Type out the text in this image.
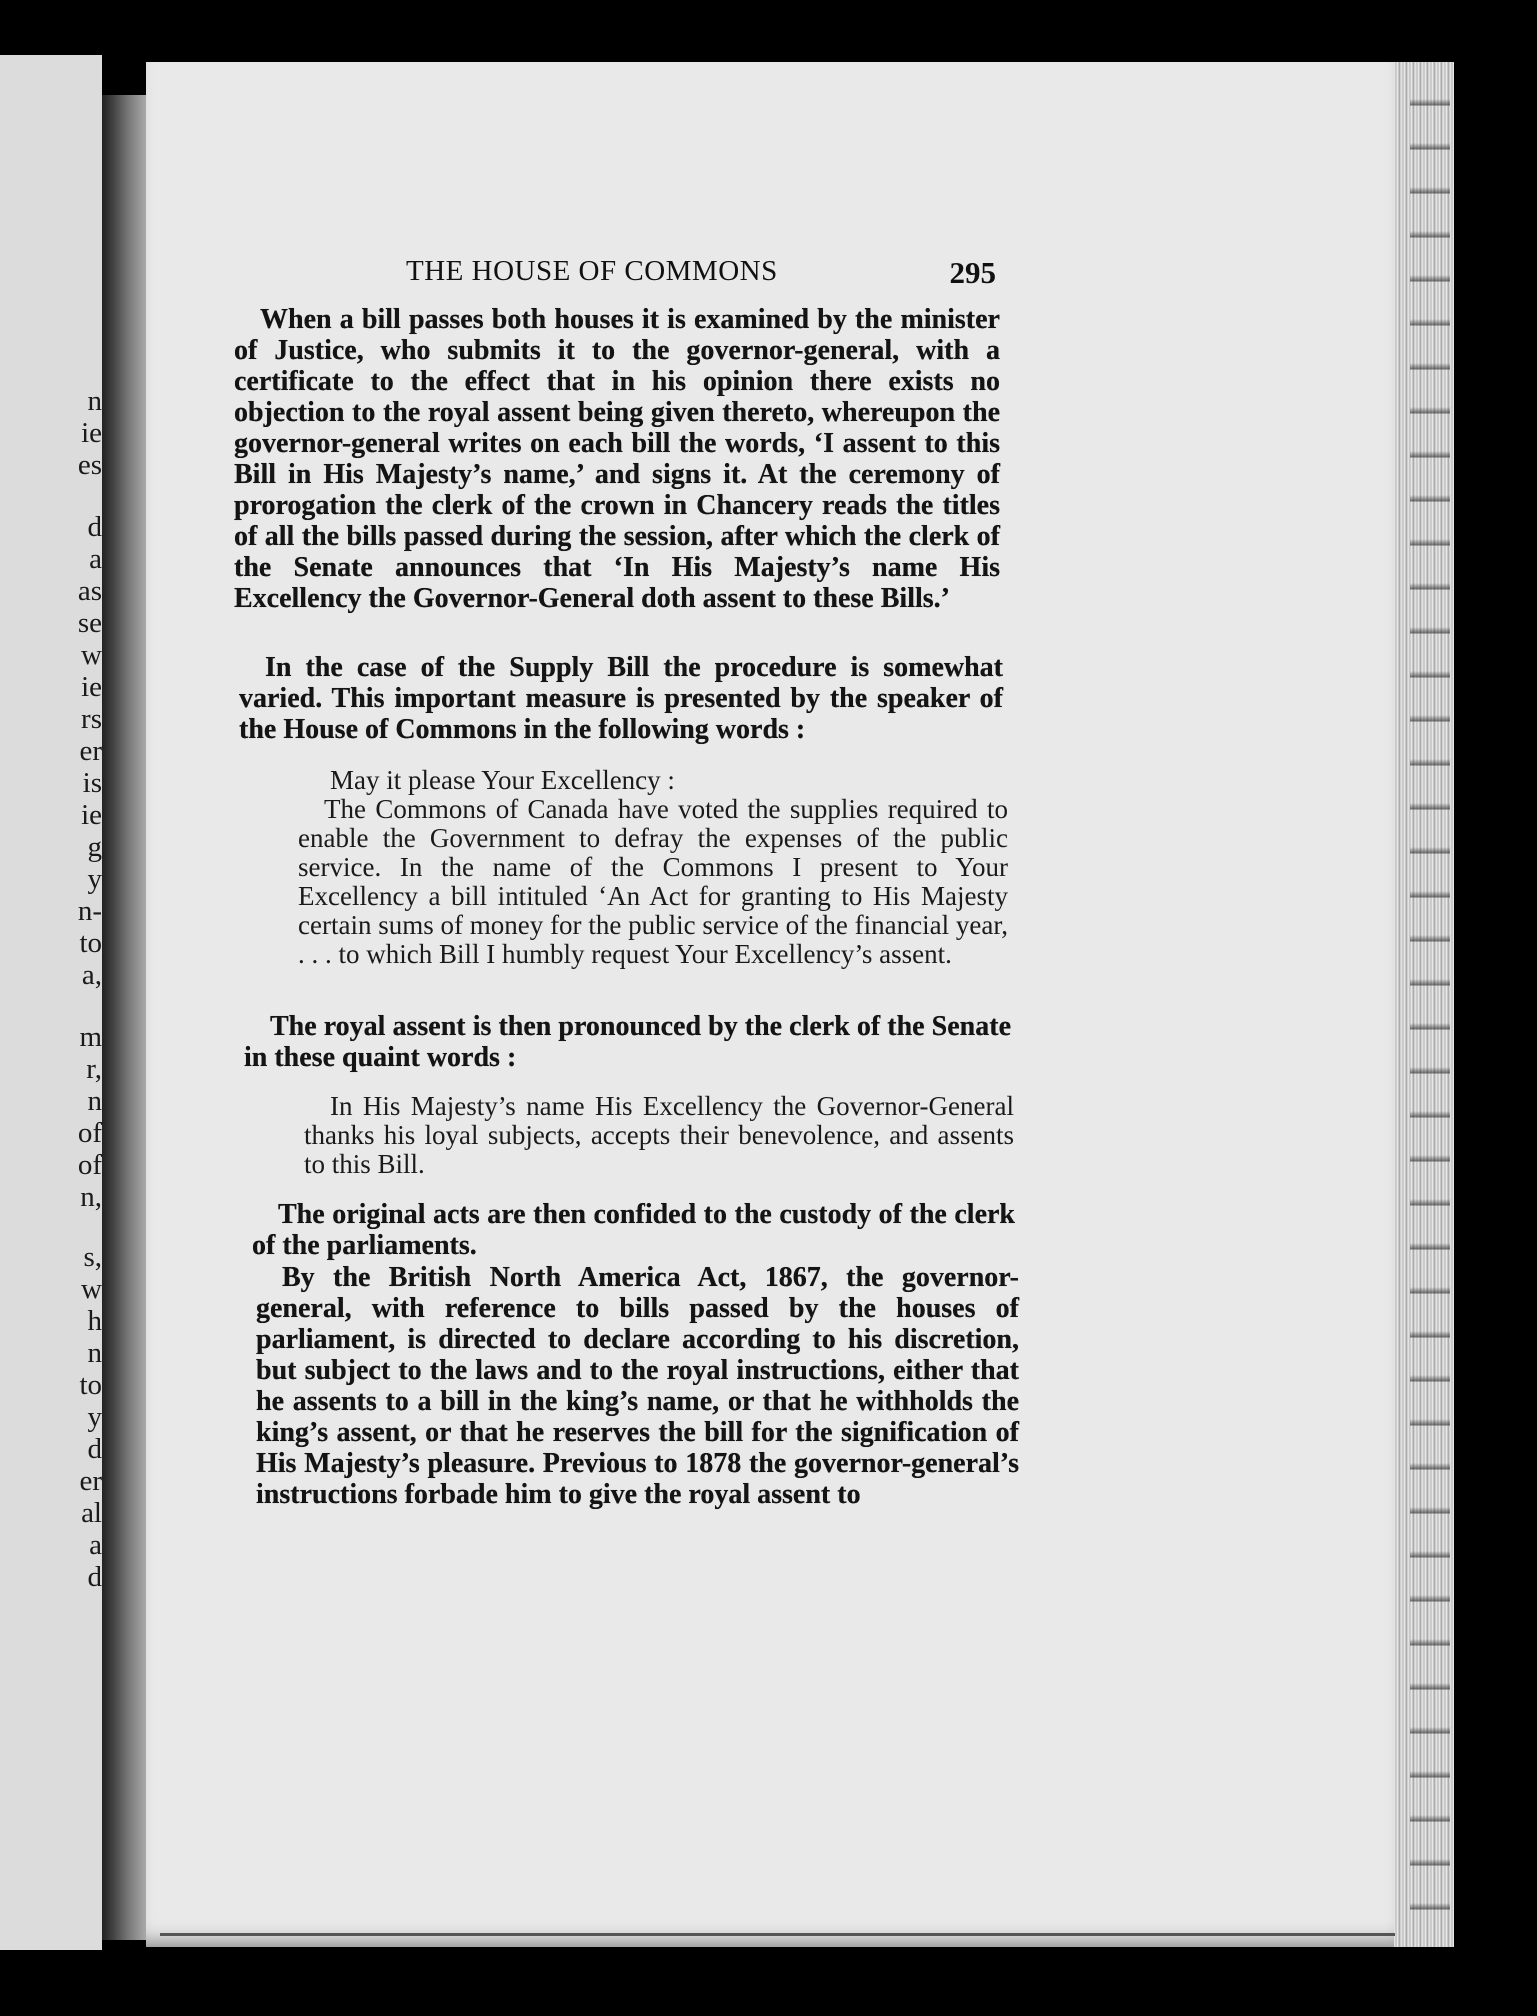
n
ie
es
d
a
as
se
w
ie
rs
er
is
ie
g
y
n-
to
a,
m
r,
n
of
of
n,
s,
w
h
n
to
y
d
er
al
a
d
THE HOUSE OF COMMONS	295

When a bill passes both houses it is examined by the minister of Justice, who submits it to the governor-general, with a certificate to the effect that in his opinion there exists no objection to the royal assent being given thereto, whereupon the governor-general writes on each bill the words, ‘I assent to this Bill in His Majesty’s name,’ and signs it. At the ceremony of prorogation the clerk of the crown in Chancery reads the titles of all the bills passed during the session, after which the clerk of the Senate announces that ‘In His Majesty’s name His Excellency the Governor-General doth assent to these Bills.’

In the case of the Supply Bill the procedure is somewhat varied. This important measure is presented by the speaker of the House of Commons in the following words :

May it please Your Excellency :

The Commons of Canada have voted the supplies required to enable the Government to defray the expenses of the public service. In the name of the Commons I present to Your Excellency a bill intituled ‘An Act for granting to His Majesty certain sums of money for the public service of the financial year, . . . to which Bill I humbly request Your Excellency’s assent.

The royal assent is then pronounced by the clerk of the Senate in these quaint words :

In His Majesty’s name His Excellency the Governor-General thanks his loyal subjects, accepts their benevolence, and assents to this Bill.

The original acts are then confided to the custody of the clerk of the parliaments.

By the British North America Act, 1867, the governor-general, with reference to bills passed by the houses of parliament, is directed to declare according to his discretion, but subject to the laws and to the royal instructions, either that he assents to a bill in the king’s name, or that he withholds the king’s assent, or that he reserves the bill for the signification of His Majesty’s pleasure. Previous to 1878 the governor-general’s instructions forbade him to give the royal assent to
